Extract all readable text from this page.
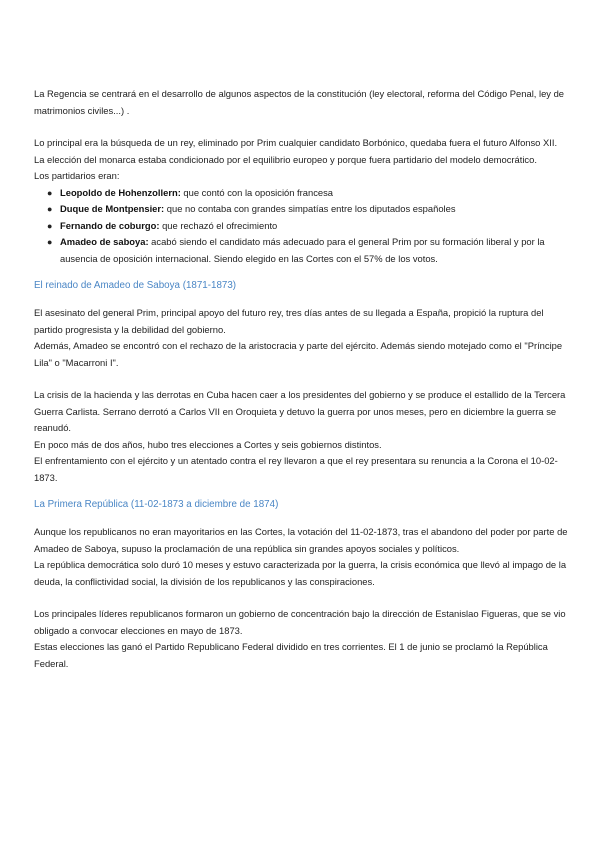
La Regencia se centrará en el desarrollo de algunos aspectos de la constitución (ley electoral, reforma del Código Penal, ley de matrimonios civiles...) .

Lo principal era la búsqueda de un rey, eliminado por Prim cualquier candidato Borbónico, quedaba fuera el futuro Alfonso XII.

La elección del monarca estaba condicionado por el equilibrio europeo y porque fuera partidario del modelo democrático.

Los partidarios eran:

● Leopoldo de Hohenzollern: que contó con la oposición francesa
● Duque de Montpensier: que no contaba con grandes simpatías entre los diputados españoles
● Fernando de coburgo: que rechazó el ofrecimiento
● Amadeo de saboya: acabó siendo el candidato más adecuado para el general Prim por su formación liberal y por la ausencia de oposición internacional. Siendo elegido en las Cortes con el 57% de los votos.
El reinado de Amadeo de Saboya (1871-1873)

El asesinato del general Prim, principal apoyo del futuro rey, tres días antes de su llegada a España, propició la ruptura del partido progresista y la debilidad del gobierno.

Además, Amadeo se encontró con el rechazo de la aristocracia y parte del ejército. Además siendo motejado como el "Príncipe Lila" o "Macarroni I".

La crisis de la hacienda y las derrotas en Cuba hacen caer a los presidentes del gobierno y se produce el estallido de la Tercera Guerra Carlista. Serrano derrotó a Carlos VII en Oroquieta y detuvo la guerra por unos meses, pero en diciembre la guerra se reanudó.

En poco más de dos años, hubo tres elecciones a Cortes y seis gobiernos distintos.

El enfrentamiento con el ejército y un atentado contra el rey llevaron a que el rey presentara su renuncia a la Corona el 10-02-1873.

La Primera República (11-02-1873 a diciembre de 1874)

Aunque los republicanos no eran mayoritarios en las Cortes, la votación del 11-02-1873, tras el abandono del poder por parte de Amadeo de Saboya, supuso la proclamación de una república sin grandes apoyos sociales y políticos.

La república democrática solo duró 10 meses y estuvo caracterizada por la guerra, la crisis económica que llevó al impago de la deuda, la conflictividad social, la división de los republicanos y las conspiraciones.

Los principales líderes republicanos formaron un gobierno de concentración bajo la dirección de Estanislao Figueras, que se vio obligado a convocar elecciones en mayo de 1873.

Estas elecciones las ganó el Partido Republicano Federal dividido en tres corrientes. El 1 de junio se proclamó la República Federal.
